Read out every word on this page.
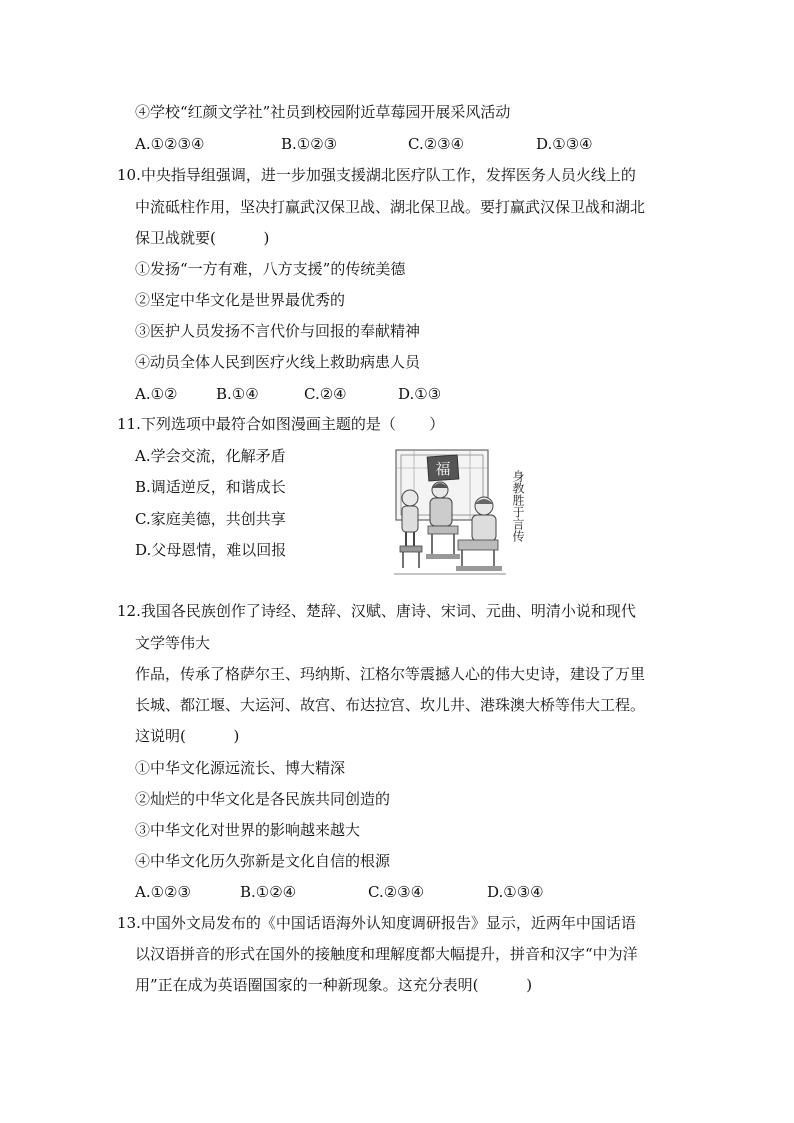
④学校“红颜文学社”社员到校园附近草莓园开展采风活动
A.①②③④	B.①②③	C.②③④	D.①③④
10.中央指导组强调，进一步加强支援湖北医疗队工作，发挥医务人员火线上的
中流砥柱作用，坚决打赢武汉保卫战、湖北保卫战。要打赢武汉保卫战和湖北
保卫战就要(          )
①发扬“一方有难，八方支援”的传统美德
②坚定中华文化是世界最优秀的
③医护人员发扬不言代价与回报的奉献精神
④动员全体人民到医疗火线上救助病患人员
A.①②	B.①④	C.②④	D.①③
11.下列选项中最符合如图漫画主题的是（       ）
A.学会交流，化解矛盾
B.调适逆反，和谐成长
C.家庭美德，共创共享
D.父母恩情，难以回报
福
身教胜于言传
12.我国各民族创作了诗经、楚辞、汉赋、唐诗、宋词、元曲、明清小说和现代
文学等伟大
作品，传承了格萨尔王、玛纳斯、江格尔等震撼人心的伟大史诗，建设了万里
长城、都江堰、大运河、故宫、布达拉宫、坎儿井、港珠澳大桥等伟大工程。
这说明(          )
①中华文化源远流长、博大精深
②灿烂的中华文化是各民族共同创造的
③中华文化对世界的影响越来越大
④中华文化历久弥新是文化自信的根源
A.①②③	B.①②④	C.②③④	D.①③④
13.中国外文局发布的《中国话语海外认知度调研报告》显示，近两年中国话语
以汉语拼音的形式在国外的接触度和理解度都大幅提升，拼音和汉字“中为洋
用”正在成为英语圈国家的一种新现象。这充分表明(          )
